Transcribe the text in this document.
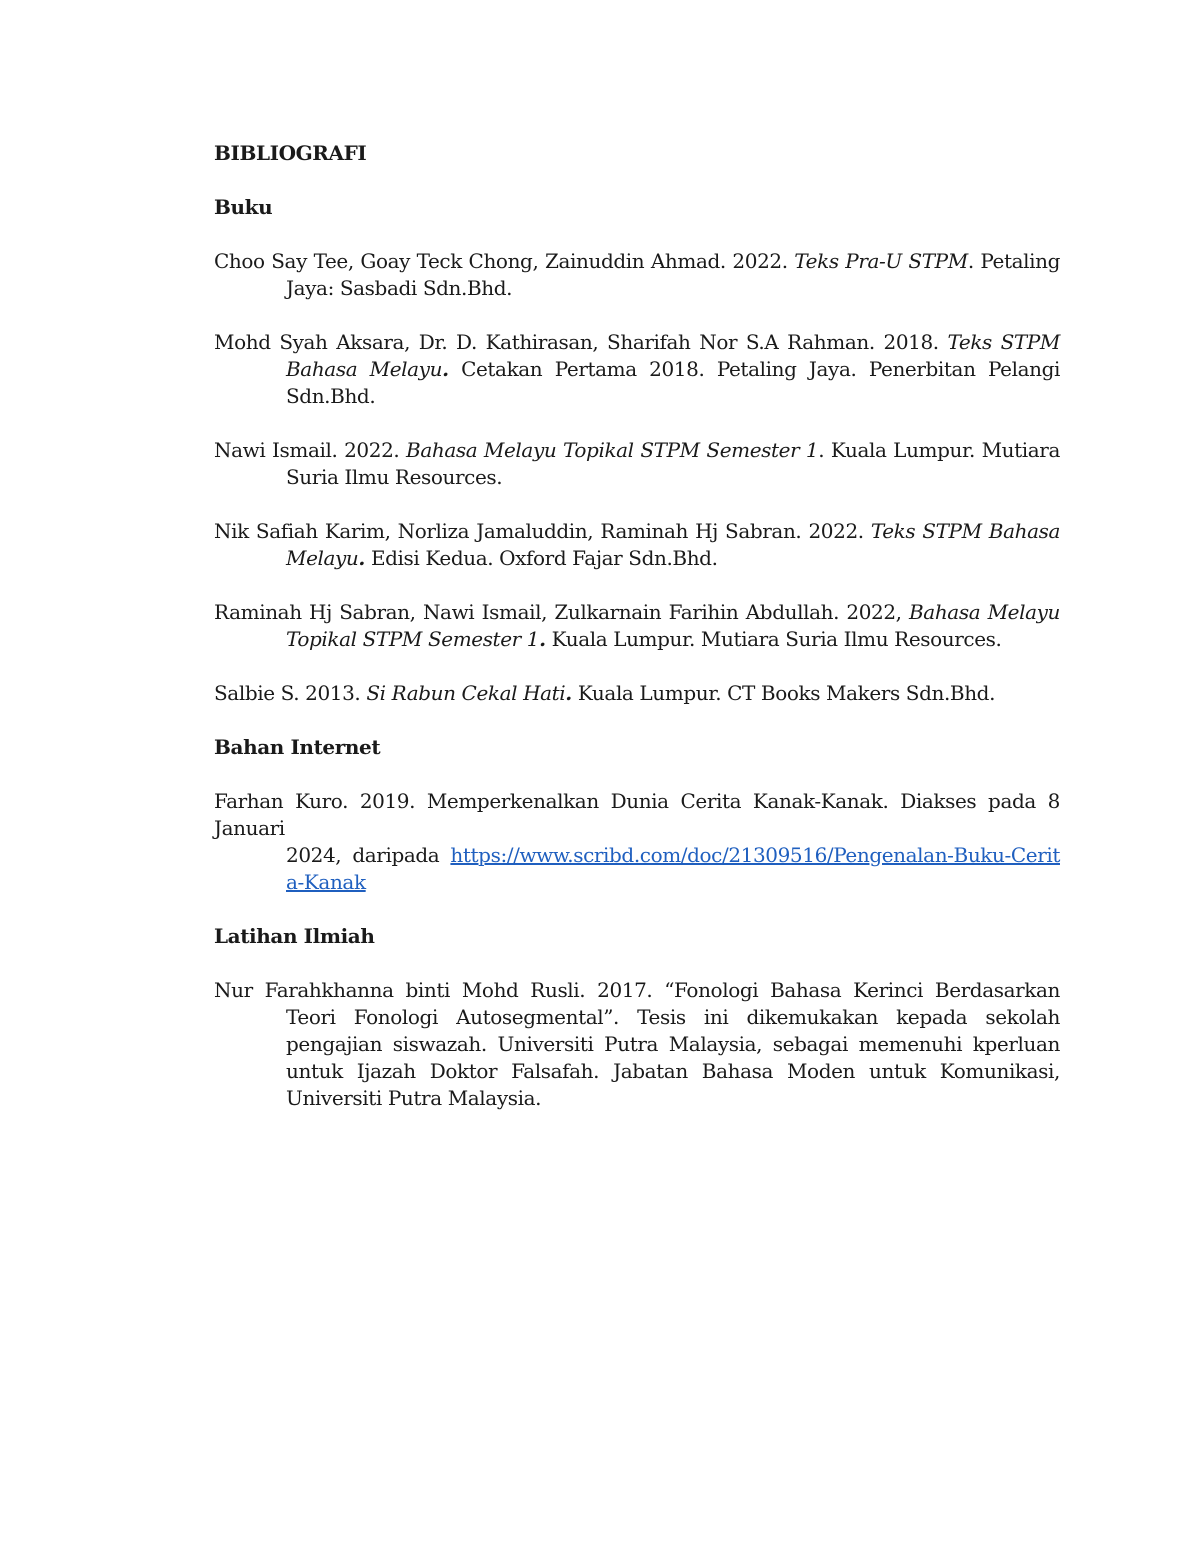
BIBLIOGRAFI

Buku

Choo Say Tee, Goay Teck Chong, Zainuddin Ahmad. 2022. Teks Pra-U STPM. Petaling Jaya: Sasbadi Sdn.Bhd.

Mohd Syah Aksara, Dr. D. Kathirasan, Sharifah Nor S.A Rahman. 2018. Teks STPM Bahasa Melayu. Cetakan Pertama 2018. Petaling Jaya. Penerbitan Pelangi Sdn.Bhd.

Nawi Ismail. 2022. Bahasa Melayu Topikal STPM Semester 1. Kuala Lumpur. Mutiara Suria Ilmu Resources.

Nik Safiah Karim, Norliza Jamaluddin, Raminah Hj Sabran. 2022. Teks STPM Bahasa Melayu. Edisi Kedua. Oxford Fajar Sdn.Bhd.

Raminah Hj Sabran, Nawi Ismail, Zulkarnain Farihin Abdullah. 2022, Bahasa Melayu Topikal STPM Semester 1. Kuala Lumpur. Mutiara Suria Ilmu Resources.

Salbie S. 2013. Si Rabun Cekal Hati. Kuala Lumpur. CT Books Makers Sdn.Bhd.

Bahan Internet

Farhan Kuro. 2019. Memperkenalkan Dunia Cerita Kanak-Kanak. Diakses pada 8 Januari
2024, daripada https://www.scribd.com/doc/21309516/Pengenalan-Buku-Cerita-Kanak

Latihan Ilmiah

Nur Farahkhanna binti Mohd Rusli. 2017. “Fonologi Bahasa Kerinci Berdasarkan Teori Fonologi Autosegmental”. Tesis ini dikemukakan kepada sekolah pengajian siswazah. Universiti Putra Malaysia, sebagai memenuhi kperluan untuk Ijazah Doktor Falsafah. Jabatan Bahasa Moden untuk Komunikasi, Universiti Putra Malaysia.
